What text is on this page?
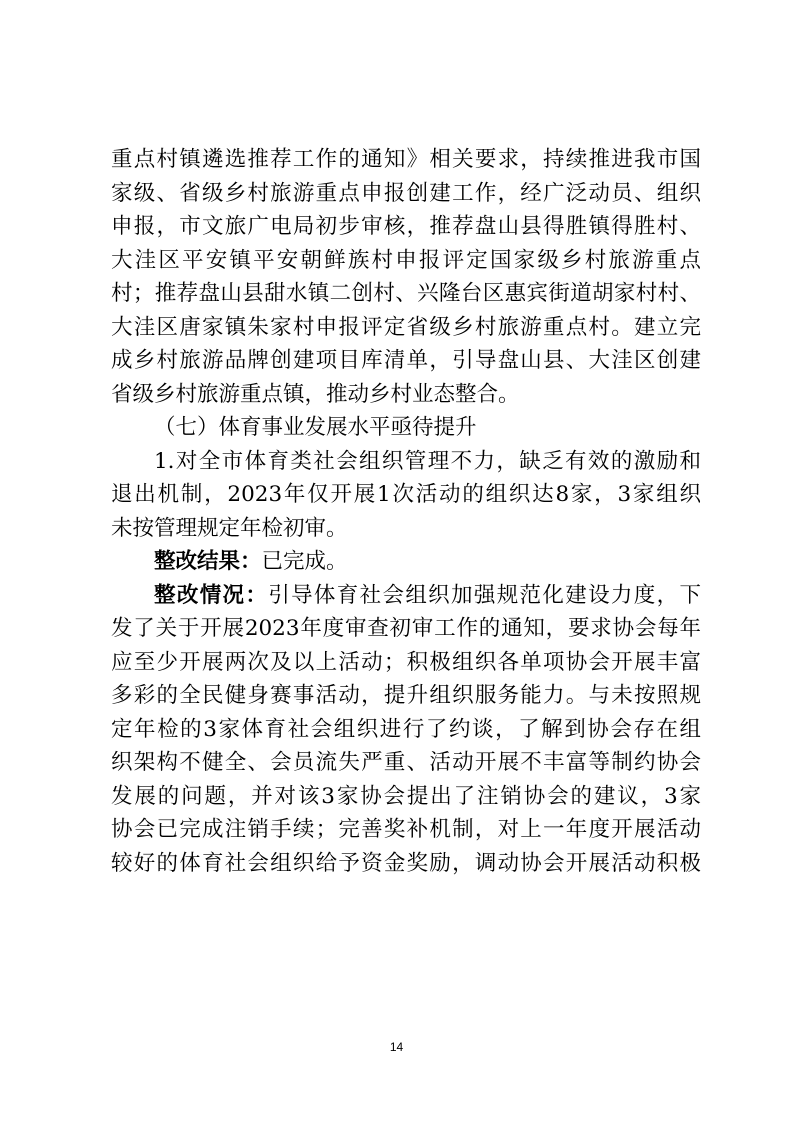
重点村镇遴选推荐工作的通知》相关要求，持续推进我市国
家级、省级乡村旅游重点申报创建工作，经广泛动员、组织
申报，市文旅广电局初步审核，推荐盘山县得胜镇得胜村、
大洼区平安镇平安朝鲜族村申报评定国家级乡村旅游重点
村；推荐盘山县甜水镇二创村、兴隆台区惠宾街道胡家村村、
大洼区唐家镇朱家村申报评定省级乡村旅游重点村。建立完
成乡村旅游品牌创建项目库清单，引导盘山县、大洼区创建
省级乡村旅游重点镇，推动乡村业态整合。
（七）体育事业发展水平亟待提升
1.对全市体育类社会组织管理不力，缺乏有效的激励和
退出机制，2023年仅开展1次活动的组织达8家，3家组织
未按管理规定年检初审。
整改结果：已完成。
整改情况：引导体育社会组织加强规范化建设力度，下
发了关于开展2023年度审查初审工作的通知，要求协会每年
应至少开展两次及以上活动；积极组织各单项协会开展丰富
多彩的全民健身赛事活动，提升组织服务能力。与未按照规
定年检的3家体育社会组织进行了约谈，了解到协会存在组
织架构不健全、会员流失严重、活动开展不丰富等制约协会
发展的问题，并对该3家协会提出了注销协会的建议，3家
协会已完成注销手续；完善奖补机制，对上一年度开展活动
较好的体育社会组织给予资金奖励，调动协会开展活动积极
14
